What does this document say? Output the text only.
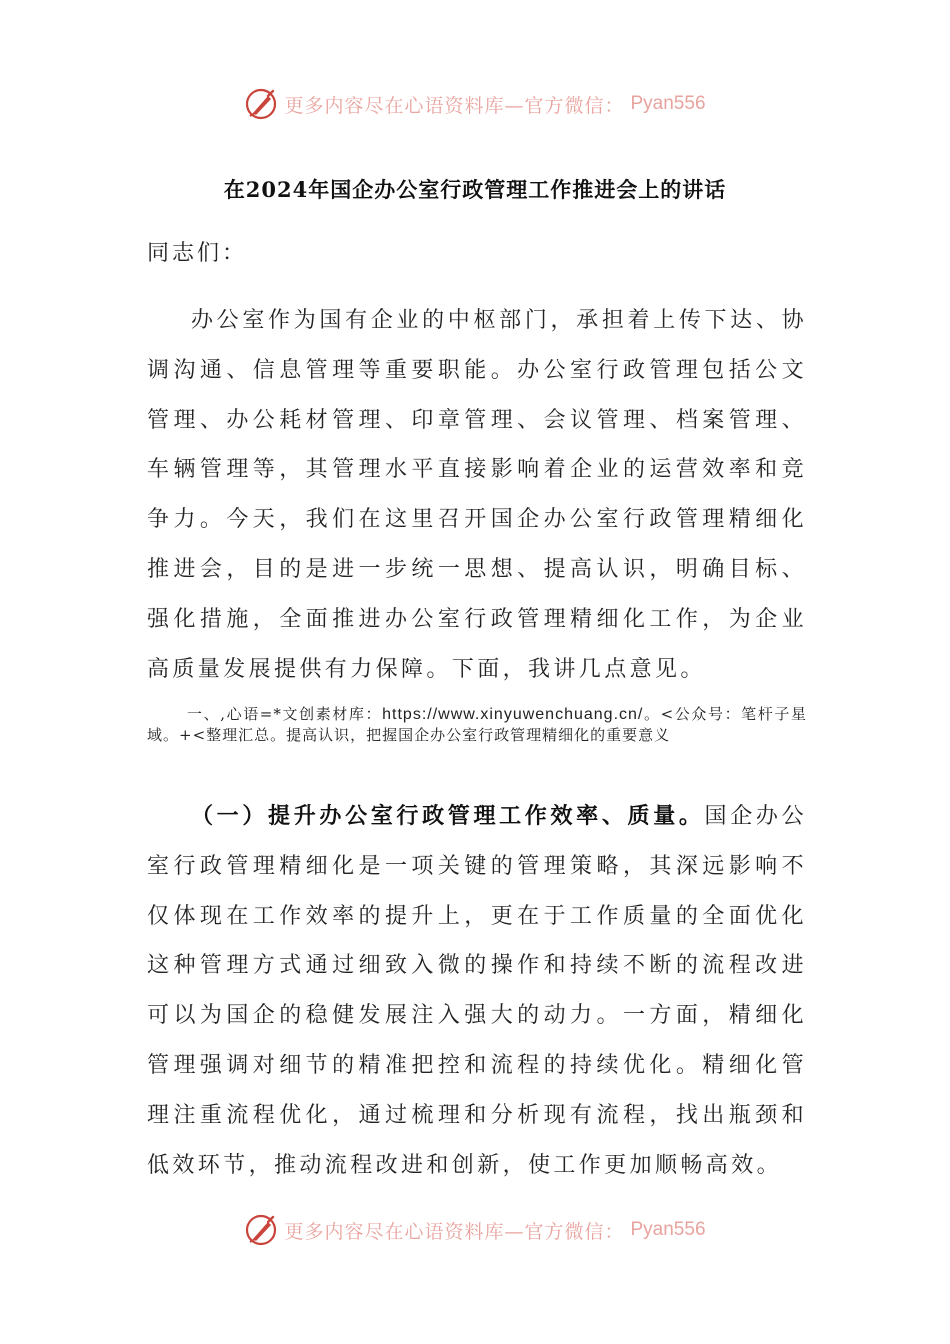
更多内容尽在心语资料库—官方微信： Pyan556
在2024年国企办公室行政管理工作推进会上的讲话
同志们：
办公室作为国有企业的中枢部门，承担着上传下达、协调沟通、信息管理等重要职能。办公室行政管理包括公文管理、办公耗材管理、印章管理、会议管理、档案管理、车辆管理等，其管理水平直接影响着企业的运营效率和竞争力。今天，我们在这里召开国企办公室行政管理精细化推进会，目的是进一步统一思想、提高认识，明确目标、强化措施，全面推进办公室行政管理精细化工作，为企业高质量发展提供有力保障。下面，我讲几点意见。
一、,心语=*文创素材库：https://www.xinyuwenchuang.cn/。<公众号：笔杆子星域。+<整理汇总。提高认识，把握国企办公室行政管理精细化的重要意义
（一）提升办公室行政管理工作效率、质量。国企办公室行政管理精细化是一项关键的管理策略，其深远影响不仅体现在工作效率的提升上，更在于工作质量的全面优化这种管理方式通过细致入微的操作和持续不断的流程改进可以为国企的稳健发展注入强大的动力。一方面，精细化管理强调对细节的精准把控和流程的持续优化。精细化管理注重流程优化，通过梳理和分析现有流程，找出瓶颈和低效环节，推动流程改进和创新，使工作更加顺畅高效。
更多内容尽在心语资料库—官方微信： Pyan556
